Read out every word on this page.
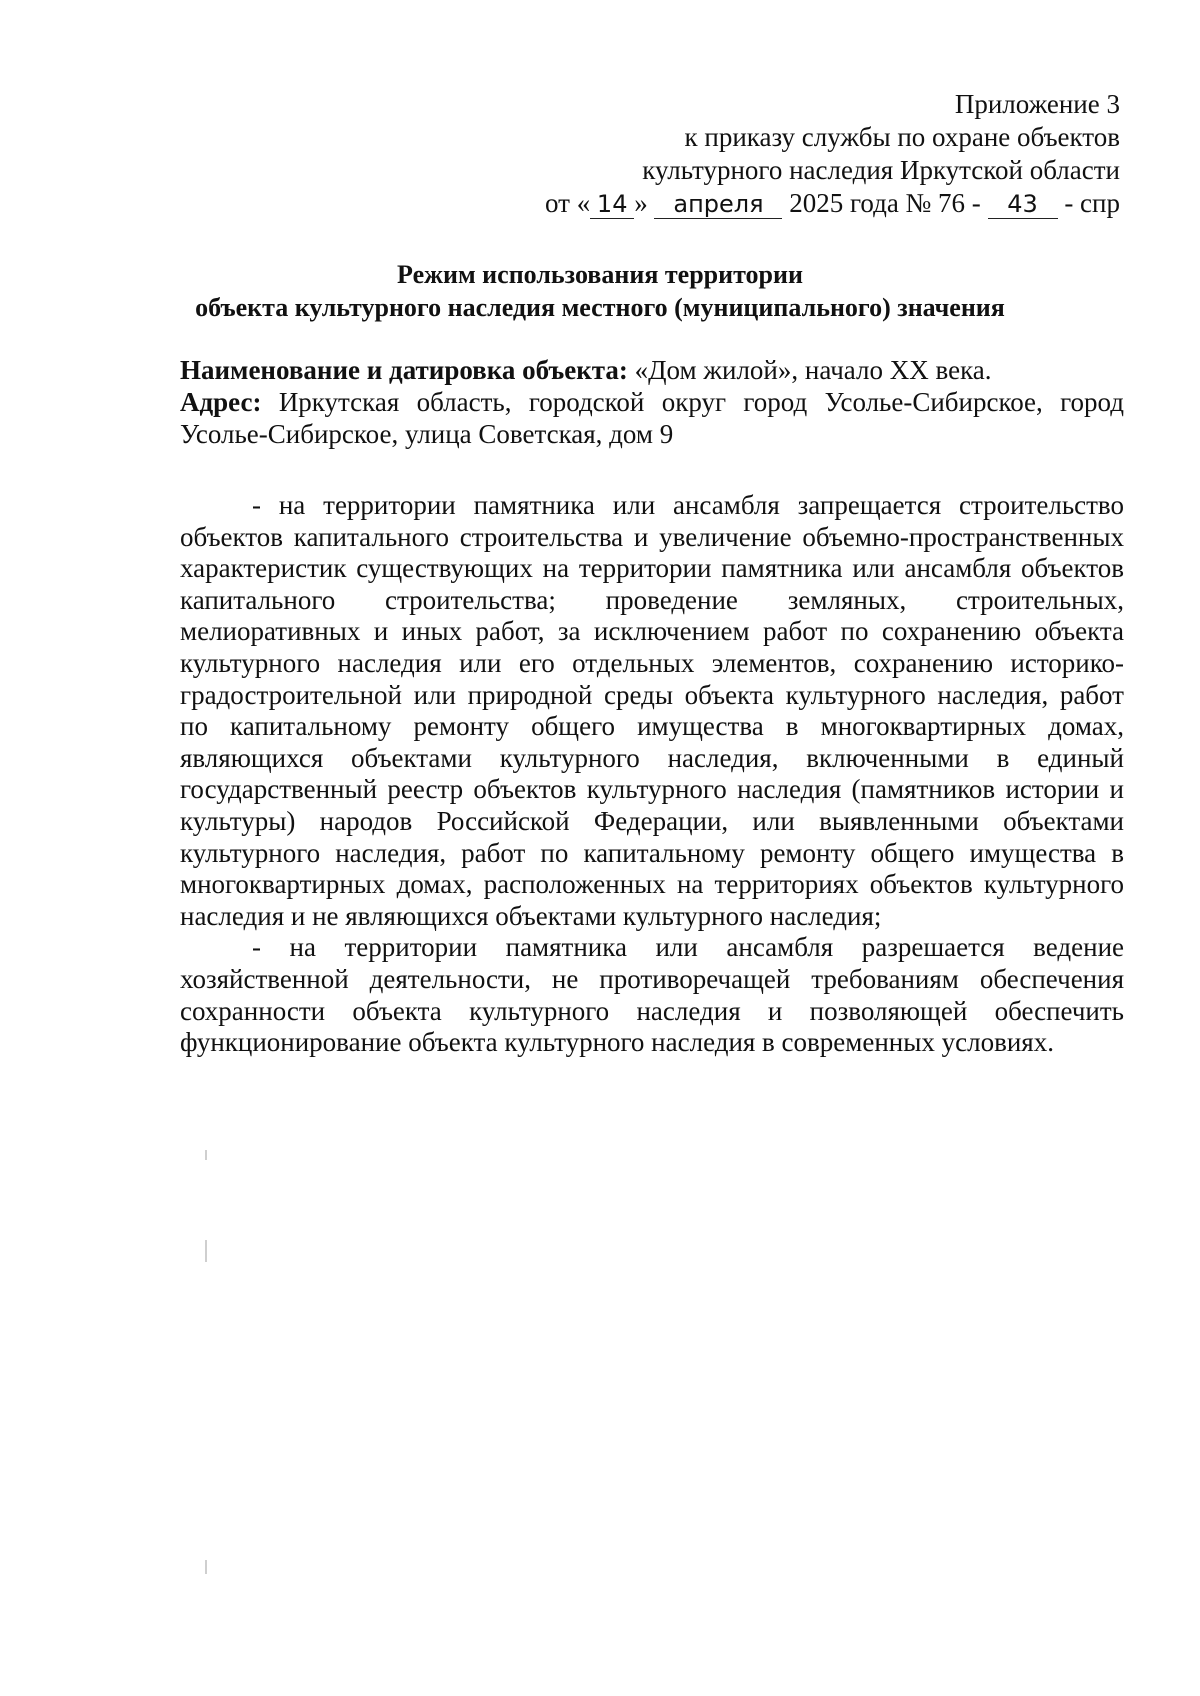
Приложение 3
к приказу службы по охране объектов
культурного наследия Иркутской области
от « 14 » апреля 2025 года № 76 - 43 - спр
Режим использования территории
объекта культурного наследия местного (муниципального) значения

Наименование и датировка объекта: «Дом жилой», начало XX века.

Адрес: Иркутская область, городской округ город Усолье-Сибирское, город Усолье-Сибирское, улица Советская, дом 9

- на территории памятника или ансамбля запрещается строительство объектов капитального строительства и увеличение объемно-пространственных характеристик существующих на территории памятника или ансамбля объектов капитального строительства; проведение земляных, строительных, мелиоративных и иных работ, за исключением работ по сохранению объекта культурного наследия или его отдельных элементов, сохранению историко-градостроительной или природной среды объекта культурного наследия, работ по капитальному ремонту общего имущества в многоквартирных домах, являющихся объектами культурного наследия, включенными в единый государственный реестр объектов культурного наследия (памятников истории и культуры) народов Российской Федерации, или выявленными объектами культурного наследия, работ по капитальному ремонту общего имущества в многоквартирных домах, расположенных на территориях объектов культурного наследия и не являющихся объектами культурного наследия;

- на территории памятника или ансамбля разрешается ведение хозяйственной деятельности, не противоречащей требованиям обеспечения сохранности объекта культурного наследия и позволяющей обеспечить функционирование объекта культурного наследия в современных условиях.
